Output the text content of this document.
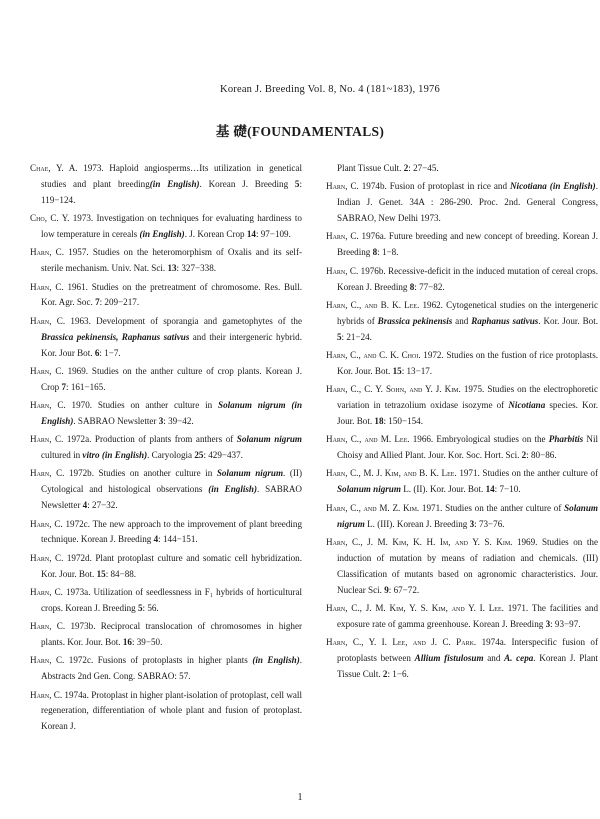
Korean J. Breeding Vol. 8, No. 4 (181~183), 1976
基 礎(FOUNDAMENTALS)

Chae, Y. A. 1973. Haploid angiosperms…Its utilization in genetical studies and plant breeding(in English). Korean J. Breeding 5: 119−124.

Cho, C. Y. 1973. Investigation on techniques for evaluating hardiness to low temperature in cereals (in English). J. Korean Crop 14: 97−109.

Harn, C. 1957. Studies on the heteromorphism of Oxalis and its self-sterile mechanism. Univ. Nat. Sci. 13: 327−338.

Harn, C. 1961. Studies on the pretreatment of chromosome. Res. Bull. Kor. Agr. Soc. 7: 209−217.

Harn, C. 1963. Development of sporangia and gametophytes of the Brassica pekinensis, Raphanus sativus and their intergeneric hybrid. Kor. Jour Bot. 6: 1−7.

Harn, C. 1969. Studies on the anther culture of crop plants. Korean J. Crop 7: 161−165.

Harn, C. 1970. Studies on anther culture in Solanum nigrum (in English). SABRAO Newsletter 3: 39−42.

Harn, C. 1972a. Production of plants from anthers of Solanum nigrum cultured in vitro (in English). Caryologia 25: 429−437.

Harn, C. 1972b. Studies on another culture in Solanum nigrum. (II) Cytological and histological observations (in English). SABRAO Newsletter 4: 27−32.

Harn, C. 1972c. The new approach to the improvement of plant breeding technique. Korean J. Breeding 4: 144−151.

Harn, C. 1972d. Plant protoplast culture and somatic cell hybridization. Kor. Jour. Bot. 15: 84−88.

Harn, C. 1973a. Utilization of seedlessness in F₁ hybrids of horticultural crops. Korean J. Breeding 5: 56.

Harn, C. 1973b. Reciprocal translocation of chromosomes in higher plants. Kor. Jour. Bot. 16: 39−50.

Harn, C. 1972c. Fusions of protoplasts in higher plants (in English). Abstracts 2nd Gen. Cong. SABRAO: 57.

Harn, C. 1974a. Protoplast in higher plant-isolation of protoplast, cell wall regeneration, differentiation of whole plant and fusion of protoplast. Korean J.

Plant Tissue Cult. 2: 27−45.

Harn, C. 1974b. Fusion of protoplast in rice and Nicotiana (in English). Indian J. Genet. 34A : 286-290. Proc. 2nd. General Congress, SABRAO, New Delhi 1973.

Harn, C. 1976a. Future breeding and new concept of breeding. Korean J. Breeding 8: 1−8.

Harn, C. 1976b. Recessive-deficit in the induced mutation of cereal crops. Korean J. Breeding 8: 77−82.

Harn, C., and B. K. Lee. 1962. Cytogenetical studies on the intergeneric hybrids of Brassica pekinensis and Raphanus sativus. Kor. Jour. Bot. 5: 21−24.

Harn, C., and C. K. Choi. 1972. Studies on the fustion of rice protoplasts. Kor. Jour. Bot. 15: 13−17.

Harn, C., C. Y. Sohn, and Y. J. Kim. 1975. Studies on the electrophoretic variation in tetrazolium oxidase isozyme of Nicotiana species. Kor. Jour. Bot. 18: 150−154.

Harn, C., and M. Lee. 1966. Embryological studies on the Pharbitis Nil Choisy and Allied Plant. Jour. Kor. Soc. Hort. Sci. 2: 80−86.

Harn, C., M. J. Kim, and B. K. Lee. 1971. Studies on the anther culture of Solanum nigrum L. (II). Kor. Jour. Bot. 14: 7−10.

Harn, C., and M. Z. Kim. 1971. Studies on the anther culture of Solanum nigrum L. (III). Korean J. Breeding 3: 73−76.

Harn, C., J. M. Kim, K. H. Im, and Y. S. Kim. 1969. Studies on the induction of mutation by means of radiation and chemicals. (III) Classification of mutants based on agronomic characteristics. Jour. Nuclear Sci. 9: 67−72.

Harn, C., J. M. Kim, Y. S. Kim, and Y. I. Lee. 1971. The facilities and exposure rate of gamma greenhouse. Korean J. Breeding 3: 93−97.

Harn, C., Y. I. Lee, and J. C. Park. 1974a. Interspecific fusion of protoplasts between Allium fistulosum and A. cepa. Korean J. Plant Tissue Cult. 2: 1−6.

1
